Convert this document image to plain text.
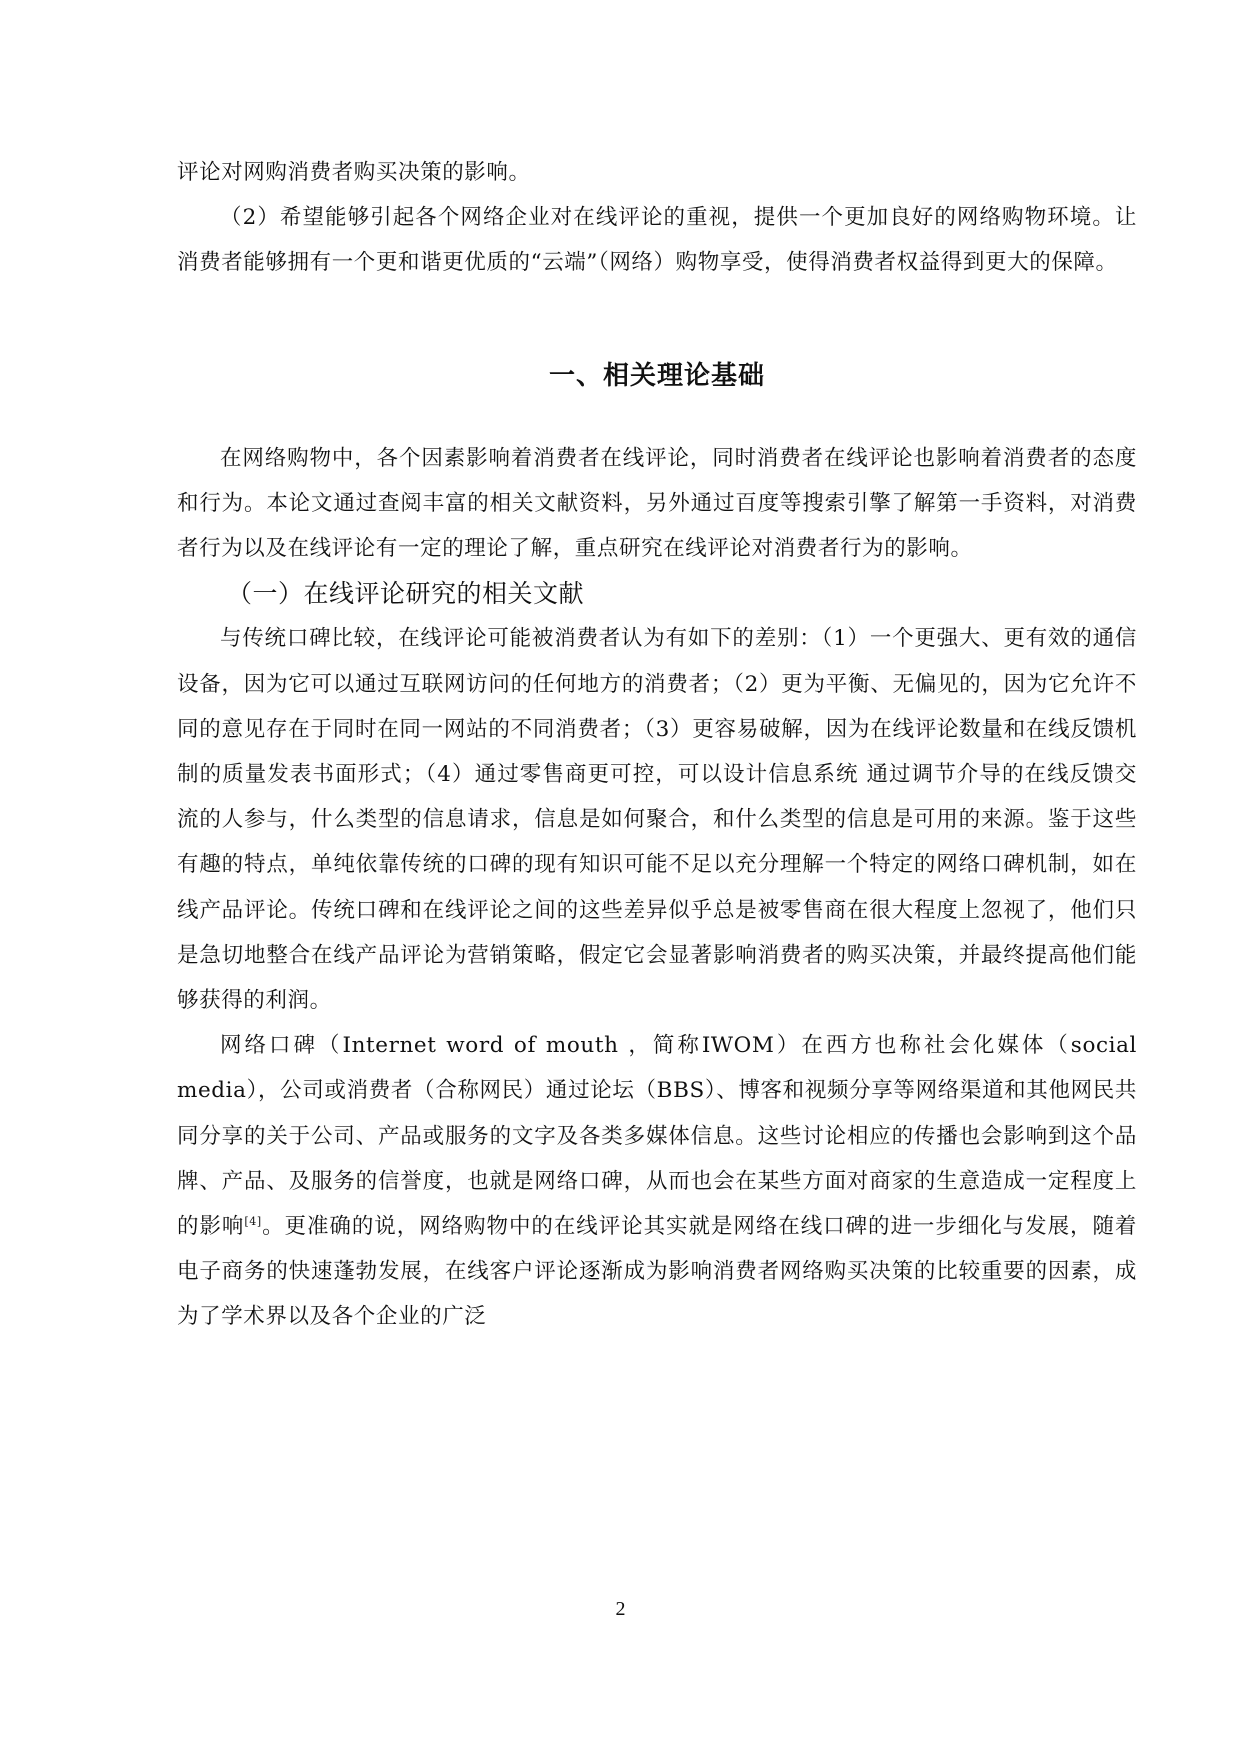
评论对网购消费者购买决策的影响。

（2）希望能够引起各个网络企业对在线评论的重视，提供一个更加良好的网络购物环境。让消费者能够拥有一个更和谐更优质的“云端”（网络）购物享受，使得消费者权益得到更大的保障。

一、相关理论基础

在网络购物中，各个因素影响着消费者在线评论，同时消费者在线评论也影响着消费者的态度和行为。本论文通过查阅丰富的相关文献资料，另外通过百度等搜索引擎了解第一手资料，对消费者行为以及在线评论有一定的理论了解，重点研究在线评论对消费者行为的影响。

（一）在线评论研究的相关文献

与传统口碑比较，在线评论可能被消费者认为有如下的差别：（1）一个更强大、更有效的通信设备，因为它可以通过互联网访问的任何地方的消费者；（2）更为平衡、无偏见的，因为它允许不同的意见存在于同时在同一网站的不同消费者；（3）更容易破解，因为在线评论数量和在线反馈机制的质量发表书面形式；（4）通过零售商更可控，可以设计信息系统 通过调节介导的在线反馈交流的人参与，什么类型的信息请求，信息是如何聚合，和什么类型的信息是可用的来源。鉴于这些有趣的特点，单纯依靠传统的口碑的现有知识可能不足以充分理解一个特定的网络口碑机制，如在线产品评论。传统口碑和在线评论之间的这些差异似乎总是被零售商在很大程度上忽视了，他们只是急切地整合在线产品评论为营销策略，假定它会显著影响消费者的购买决策，并最终提高他们能够获得的利润。

网络口碑（Internet word of mouth ，简称IWOM）在西方也称社会化媒体（social media），公司或消费者（合称网民）通过论坛（BBS）、博客和视频分享等网络渠道和其他网民共同分享的关于公司、产品或服务的文字及各类多媒体信息。这些讨论相应的传播也会影响到这个品牌、产品、及服务的信誉度，也就是网络口碑，从而也会在某些方面对商家的生意造成一定程度上的影响[4]。更准确的说，网络购物中的在线评论其实就是网络在线口碑的进一步细化与发展，随着电子商务的快速蓬勃发展，在线客户评论逐渐成为影响消费者网络购买决策的比较重要的因素，成为了学术界以及各个企业的广泛

2
